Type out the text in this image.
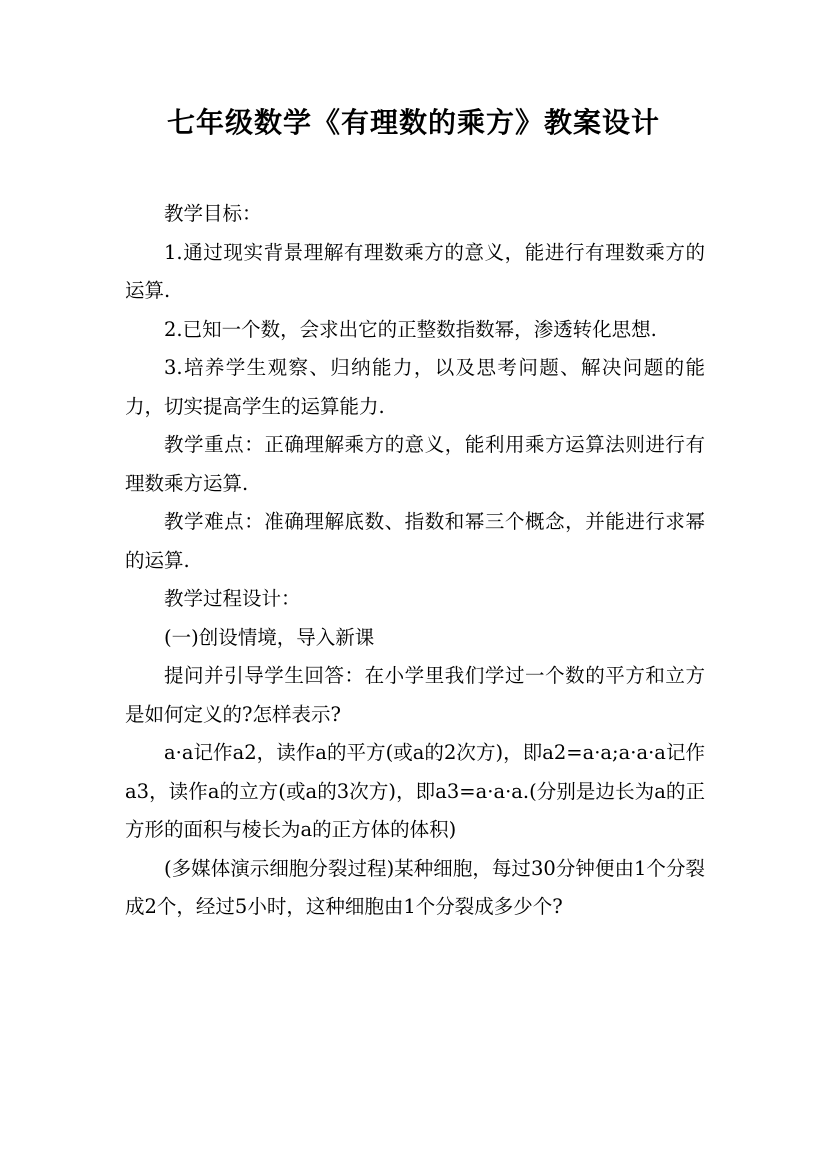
七年级数学《有理数的乘方》教案设计

教学目标：

1.通过现实背景理解有理数乘方的意义，能进行有理数乘方的运算.

2.已知一个数，会求出它的正整数指数幂，渗透转化思想.

3.培养学生观察、归纳能力，以及思考问题、解决问题的能力，切实提高学生的运算能力.

教学重点：正确理解乘方的意义，能利用乘方运算法则进行有理数乘方运算.

教学难点：准确理解底数、指数和幂三个概念，并能进行求幂的运算.

教学过程设计：

(一)创设情境，导入新课

提问并引导学生回答：在小学里我们学过一个数的平方和立方是如何定义的?怎样表示?

a·a记作a2，读作a的平方(或a的2次方)，即a2=a·a;a·a·a记作a3，读作a的立方(或a的3次方)，即a3=a·a·a.(分别是边长为a的正方形的面积与棱长为a的正方体的体积)

(多媒体演示细胞分裂过程)某种细胞，每过30分钟便由1个分裂成2个，经过5小时，这种细胞由1个分裂成多少个?
